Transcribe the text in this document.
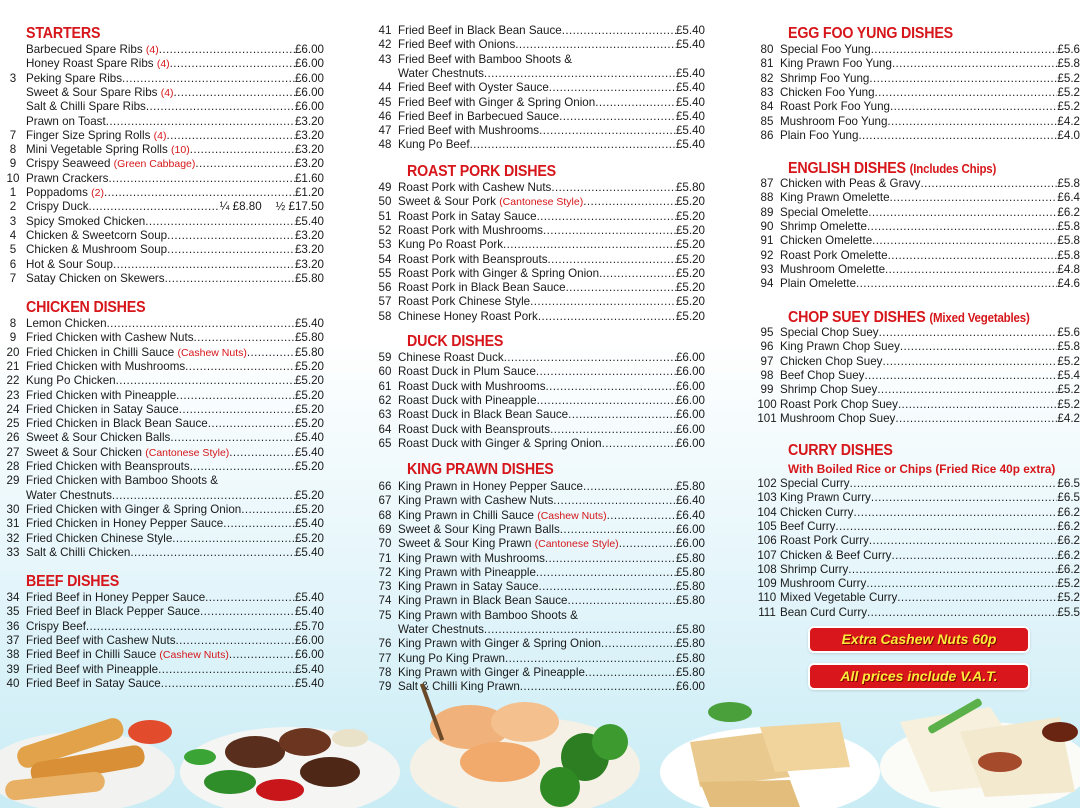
STARTERS
Barbecued Spare Ribs (4) .....	£6.00
Honey Roast Spare Ribs (4) .....	£6.00
3 Peking Spare Ribs .....	£6.00
Sweet & Sour Spare Ribs (4) .....	£6.00
Salt & Chilli Spare Ribs .....	£6.00
Prawn on Toast .....	£3.20
7 Finger Size Spring Rolls (4) .....	£3.20
8 Mini Vegetable Spring Rolls (10) .....	£3.20
9 Crispy Seaweed (Green Cabbage) .....	£3.20
10 Prawn Crackers .....	£1.60
1 Poppadoms (2) .....	£1.20
2 Crispy Duck .....	¼ £8.80 ½ £17.50
3 Spicy Smoked Chicken .....	£5.40
4 Chicken & Sweetcorn Soup .....	£3.20
5 Chicken & Mushroom Soup .....	£3.20
6 Hot & Sour Soup .....	£3.20
7 Satay Chicken on Skewers .....	£5.80
CHICKEN DISHES
8 Lemon Chicken .....	£5.40
9 Fried Chicken with Cashew Nuts .....	£5.80
20 Fried Chicken in Chilli Sauce (Cashew Nuts) .....	£5.80
21 Fried Chicken with Mushrooms .....	£5.20
22 Kung Po Chicken .....	£5.20
23 Fried Chicken with Pineapple .....	£5.20
24 Fried Chicken in Satay Sauce .....	£5.20
25 Fried Chicken in Black Bean Sauce .....	£5.20
26 Sweet & Sour Chicken Balls .....	£5.40
27 Sweet & Sour Chicken (Cantonese Style) .....	£5.40
28 Fried Chicken with Beansprouts .....	£5.20
29 Fried Chicken with Bamboo Shoots &
Water Chestnuts .....	£5.20
30 Fried Chicken with Ginger & Spring Onion .....	£5.20
31 Fried Chicken in Honey Pepper Sauce .....	£5.40
32 Fried Chicken Chinese Style .....	£5.20
33 Salt & Chilli Chicken .....	£5.40
BEEF DISHES
34 Fried Beef in Honey Pepper Sauce .....	£5.40
35 Fried Beef in Black Pepper Sauce .....	£5.40
36 Crispy Beef .....	£5.70
37 Fried Beef with Cashew Nuts .....	£6.00
38 Fried Beef in Chilli Sauce (Cashew Nuts) .....	£6.00
39 Fried Beef with Pineapple .....	£5.40
40 Fried Beef in Satay Sauce .....	£5.40
41 Fried Beef in Black Bean Sauce .....	£5.40
42 Fried Beef with Onions .....	£5.40
43 Fried Beef with Bamboo Shoots &
Water Chestnuts .....	£5.40
44 Fried Beef with Oyster Sauce .....	£5.40
45 Fried Beef with Ginger & Spring Onion .....	£5.40
46 Fried Beef in Barbecued Sauce .....	£5.40
47 Fried Beef with Mushrooms .....	£5.40
48 Kung Po Beef .....	£5.40
ROAST PORK DISHES
49 Roast Pork with Cashew Nuts .....	£5.80
50 Sweet & Sour Pork (Cantonese Style) .....	£5.20
51 Roast Pork in Satay Sauce .....	£5.20
52 Roast Pork with Mushrooms .....	£5.20
53 Kung Po Roast Pork .....	£5.20
54 Roast Pork with Beansprouts .....	£5.20
55 Roast Pork with Ginger & Spring Onion .....	£5.20
56 Roast Pork in Black Bean Sauce .....	£5.20
57 Roast Pork Chinese Style .....	£5.20
58 Chinese Honey Roast Pork .....	£5.20
DUCK DISHES
59 Chinese Roast Duck .....	£6.00
60 Roast Duck in Plum Sauce .....	£6.00
61 Roast Duck with Mushrooms .....	£6.00
62 Roast Duck with Pineapple .....	£6.00
63 Roast Duck in Black Bean Sauce .....	£6.00
64 Roast Duck with Beansprouts .....	£6.00
65 Roast Duck with Ginger & Spring Onion .....	£6.00
KING PRAWN DISHES
66 King Prawn in Honey Pepper Sauce .....	£5.80
67 King Prawn with Cashew Nuts .....	£6.40
68 King Prawn in Chilli Sauce (Cashew Nuts) .....	£6.40
69 Sweet & Sour King Prawn Balls .....	£6.00
70 Sweet & Sour King Prawn (Cantonese Style) .....	£6.00
71 King Prawn with Mushrooms .....	£5.80
72 King Prawn with Pineapple .....	£5.80
73 King Prawn in Satay Sauce .....	£5.80
74 King Prawn in Black Bean Sauce .....	£5.80
75 King Prawn with Bamboo Shoots &
Water Chestnuts .....	£5.80
76 King Prawn with Ginger & Spring Onion .....	£5.80
77 Kung Po King Prawn .....	£5.80
78 King Prawn with Ginger & Pineapple .....	£5.80
79 Salt & Chilli King Prawn .....	£6.00
EGG FOO YUNG DISHES
80 Special Foo Yung .....	£5.6
81 King Prawn Foo Yung .....	£5.8
82 Shrimp Foo Yung .....	£5.2
83 Chicken Foo Yung .....	£5.2
84 Roast Pork Foo Yung .....	£5.2
85 Mushroom Foo Yung .....	£4.2
86 Plain Foo Yung .....	£4.0
ENGLISH DISHES (Includes Chips)
87 Chicken with Peas & Gravy .....	£5.8
88 King Prawn Omelette .....	£6.4
89 Special Omelette .....	£6.2
90 Shrimp Omelette .....	£5.8
91 Chicken Omelette .....	£5.8
92 Roast Pork Omelette .....	£5.8
93 Mushroom Omelette .....	£4.8
94 Plain Omelette .....	£4.6
CHOP SUEY DISHES (Mixed Vegetables)
95 Special Chop Suey .....	£5.6
96 King Prawn Chop Suey .....	£5.8
97 Chicken Chop Suey .....	£5.2
98 Beef Chop Suey .....	£5.4
99 Shrimp Chop Suey .....	£5.2
100 Roast Pork Chop Suey .....	£5.2
101 Mushroom Chop Suey .....	£4.2
CURRY DISHES

With Boiled Rice or Chips (Fried Rice 40p extra)

102 Special Curry .....	£6.5
103 King Prawn Curry .....	£6.5
104 Chicken Curry .....	£6.2
105 Beef Curry .....	£6.2
106 Roast Pork Curry .....	£6.2
107 Chicken & Beef Curry .....	£6.2
108 Shrimp Curry .....	£6.2
109 Mushroom Curry .....	£5.2
110 Mixed Vegetable Curry .....	£5.2
111 Bean Curd Curry .....	£5.5
Extra Cashew Nuts 60p
All prices include V.A.T.
